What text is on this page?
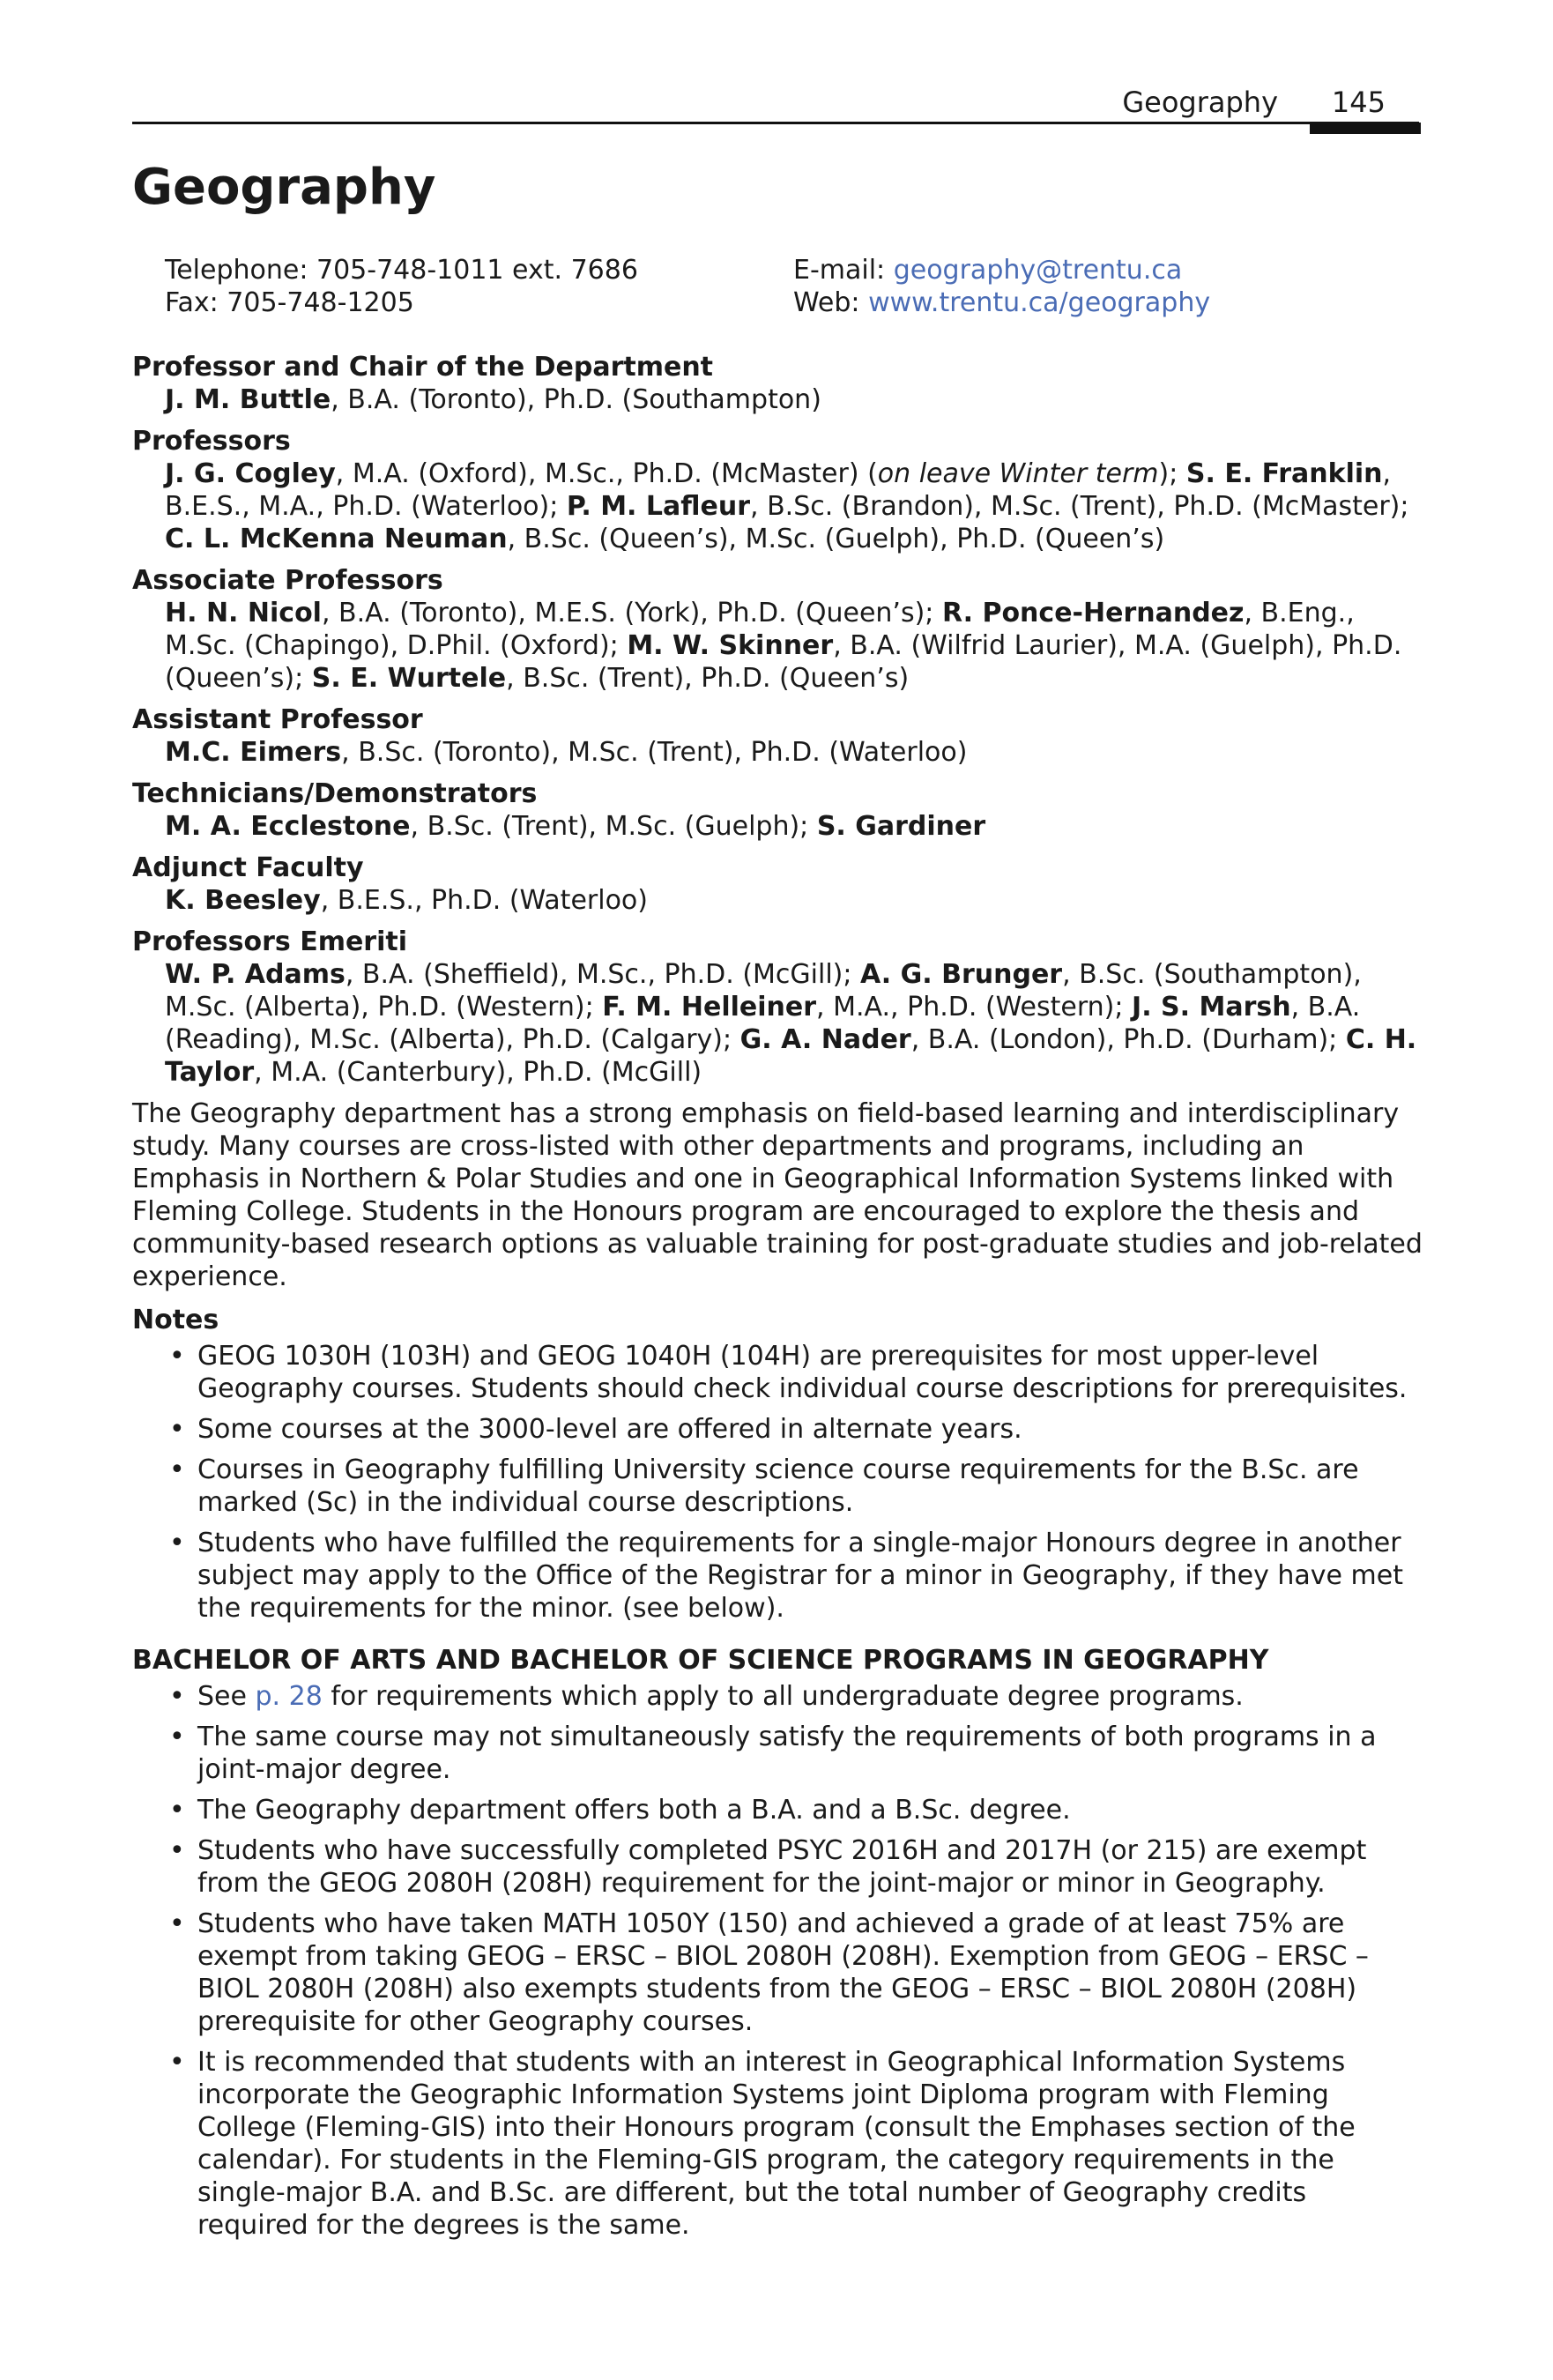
Geography 145
Geography
Telephone: 705-748-1011 ext. 7686
Fax: 705-748-1205
E-mail: geography@trentu.ca
Web: www.trentu.ca/geography
Professor and Chair of the Department
J. M. Buttle, B.A. (Toronto), Ph.D. (Southampton)
Professors
J. G. Cogley, M.A. (Oxford), M.Sc., Ph.D. (McMaster) (on leave Winter term); S. E. Franklin, B.E.S., M.A., Ph.D. (Waterloo); P. M. Lafleur, B.Sc. (Brandon), M.Sc. (Trent), Ph.D. (McMaster); C. L. McKenna Neuman, B.Sc. (Queen’s), M.Sc. (Guelph), Ph.D. (Queen’s)
Associate Professors
H. N. Nicol, B.A. (Toronto), M.E.S. (York), Ph.D. (Queen’s); R. Ponce-Hernandez, B.Eng., M.Sc. (Chapingo), D.Phil. (Oxford); M. W. Skinner, B.A. (Wilfrid Laurier), M.A. (Guelph), Ph.D. (Queen’s); S. E. Wurtele, B.Sc. (Trent), Ph.D. (Queen’s)
Assistant Professor
M.C. Eimers, B.Sc. (Toronto), M.Sc. (Trent), Ph.D. (Waterloo)
Technicians/Demonstrators
M. A. Ecclestone, B.Sc. (Trent), M.Sc. (Guelph); S. Gardiner
Adjunct Faculty
K. Beesley, B.E.S., Ph.D. (Waterloo)
Professors Emeriti
W. P. Adams, B.A. (Sheffield), M.Sc., Ph.D. (McGill); A. G. Brunger, B.Sc. (Southampton), M.Sc. (Alberta), Ph.D. (Western); F. M. Helleiner, M.A., Ph.D. (Western); J. S. Marsh, B.A. (Reading), M.Sc. (Alberta), Ph.D. (Calgary); G. A. Nader, B.A. (London), Ph.D. (Durham); C. H. Taylor, M.A. (Canterbury), Ph.D. (McGill)

The Geography department has a strong emphasis on field-based learning and interdisciplinary study. Many courses are cross-listed with other departments and programs, including an Emphasis in Northern & Polar Studies and one in Geographical Information Systems linked with Fleming College. Students in the Honours program are encouraged to explore the thesis and community-based research options as valuable training for post-graduate studies and job-related experience.

Notes
• GEOG 1030H (103H) and GEOG 1040H (104H) are prerequisites for most upper-level Geography courses. Students should check individual course descriptions for prerequisites.
• Some courses at the 3000-level are offered in alternate years.
• Courses in Geography fulfilling University science course requirements for the B.Sc. are marked (Sc) in the individual course descriptions.
• Students who have fulfilled the requirements for a single-major Honours degree in another subject may apply to the Office of the Registrar for a minor in Geography, if they have met the requirements for the minor. (see below).
BACHELOR OF ARTS AND BACHELOR OF SCIENCE PROGRAMS IN GEOGRAPHY
• See p. 28 for requirements which apply to all undergraduate degree programs.
• The same course may not simultaneously satisfy the requirements of both programs in a joint-major degree.
• The Geography department offers both a B.A. and a B.Sc. degree.
• Students who have successfully completed PSYC 2016H and 2017H (or 215) are exempt from the GEOG 2080H (208H) requirement for the joint-major or minor in Geography.
• Students who have taken MATH 1050Y (150) and achieved a grade of at least 75% are exempt from taking GEOG – ERSC – BIOL 2080H (208H). Exemption from GEOG – ERSC – BIOL 2080H (208H) also exempts students from the GEOG – ERSC – BIOL 2080H (208H) prerequisite for other Geography courses.
• It is recommended that students with an interest in Geographical Information Systems incorporate the Geographic Information Systems joint Diploma program with Fleming College (Fleming-GIS) into their Honours program (consult the Emphases section of the calendar). For students in the Fleming-GIS program, the category requirements in the single-major B.A. and B.Sc. are different, but the total number of Geography credits required for the degrees is the same.
